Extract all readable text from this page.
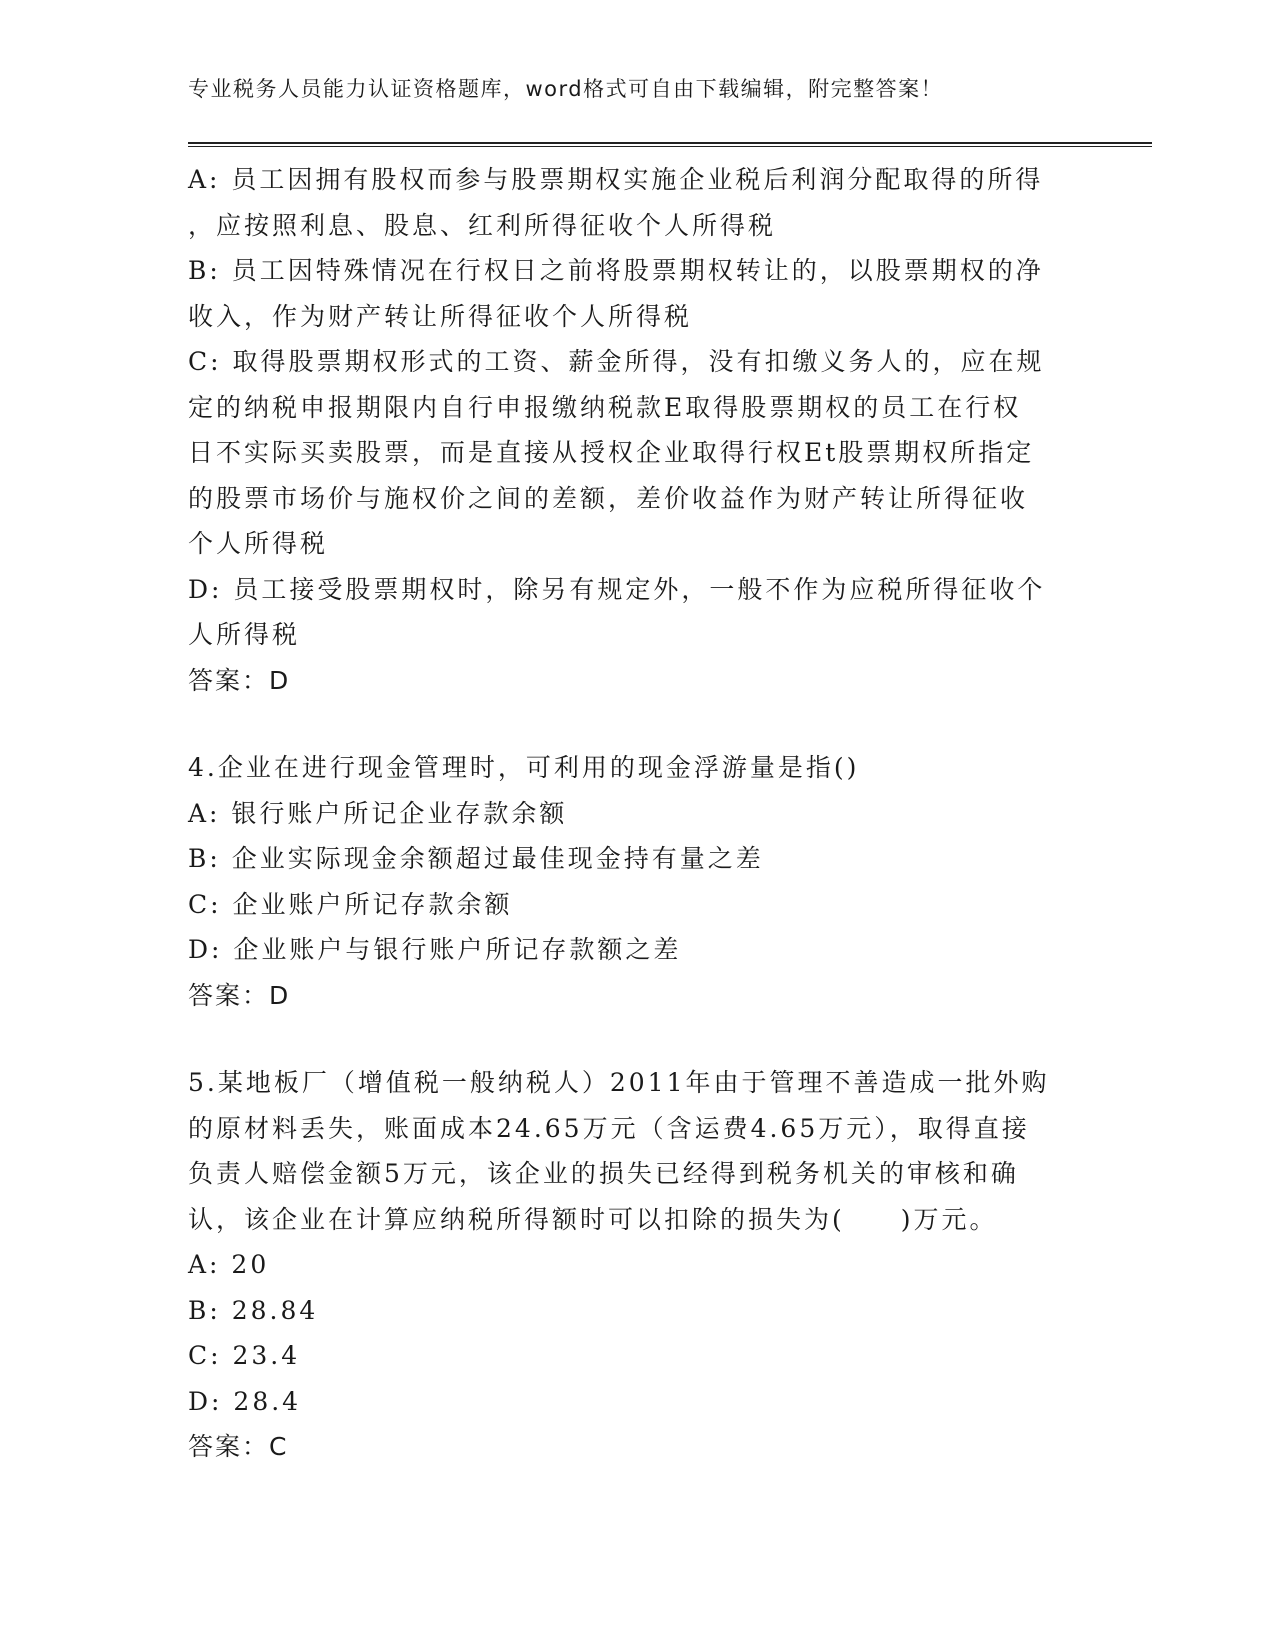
专业税务人员能力认证资格题库，word格式可自由下载编辑，附完整答案！
A: 员工因拥有股权而参与股票期权实施企业税后利润分配取得的所得
，应按照利息、股息、红利所得征收个人所得税
B: 员工因特殊情况在行权日之前将股票期权转让的，以股票期权的净
收入，作为财产转让所得征收个人所得税
C: 取得股票期权形式的工资、薪金所得，没有扣缴义务人的，应在规
定的纳税申报期限内自行申报缴纳税款E取得股票期权的员工在行权
日不实际买卖股票，而是直接从授权企业取得行权Et股票期权所指定
的股票市场价与施权价之间的差额，差价收益作为财产转让所得征收
个人所得税
D: 员工接受股票期权时，除另有规定外，一般不作为应税所得征收个
人所得税
答案：D
4.企业在进行现金管理时，可利用的现金浮游量是指()
A: 银行账户所记企业存款余额
B: 企业实际现金余额超过最佳现金持有量之差
C: 企业账户所记存款余额
D: 企业账户与银行账户所记存款额之差
答案：D
5.某地板厂（增值税一般纳税人）2011年由于管理不善造成一批外购
的原材料丢失，账面成本24.65万元（含运费4.65万元），取得直接
负责人赔偿金额5万元，该企业的损失已经得到税务机关的审核和确
认，该企业在计算应纳税所得额时可以扣除的损失为(　　)万元。
A: 20
B: 28.84
C: 23.4
D: 28.4
答案：C
